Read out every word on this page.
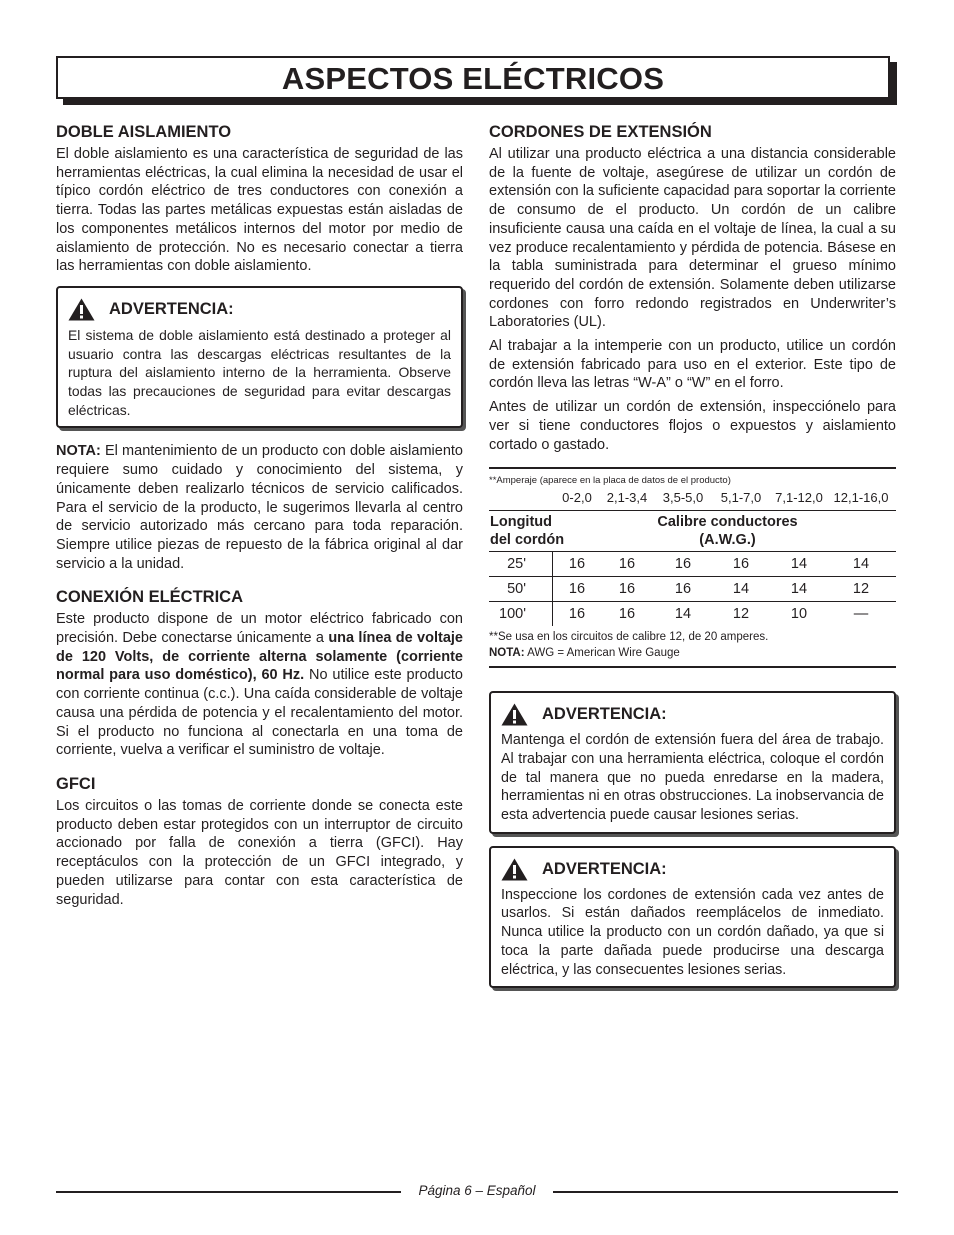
ASPECTOS ELÉCTRICOS
DOBLE AISLAMIENTO

El doble aislamiento es una característica de seguridad de las herramientas eléctricas, la cual elimina la necesidad de usar el típico cordón eléctrico de tres conductores con conexión a tierra. Todas las partes metálicas expuestas están aisladas de los componentes metálicos internos del motor por medio de aislamiento de protección. No es necesario conectar a tierra las herramientas con doble aislamiento.

ADVERTENCIA:

El sistema de doble aislamiento está destinado a proteger al usuario contra las descargas eléctricas resultantes de la ruptura del aislamiento interno de la herramienta. Observe todas las precauciones de seguridad para evitar descargas eléctricas.

NOTA: El mantenimiento de un producto con doble aislamiento requiere sumo cuidado y conocimiento del sistema, y únicamente deben realizarlo técnicos de servicio calificados. Para el servicio de la producto, le sugerimos llevarla al centro de servicio autorizado más cercano para toda reparación. Siempre utilice piezas de repuesto de la fábrica original al dar servicio a la unidad.

CONEXIÓN ELÉCTRICA

Este producto dispone de un motor eléctrico fabricado con precisión. Debe conectarse únicamente a una línea de voltaje de 120 Volts, de corriente alterna solamente (corriente normal para uso doméstico), 60 Hz. No utilice este producto con corriente continua (c.c.). Una caída considerable de voltaje causa una pérdida de potencia y el recalentamiento del motor. Si el producto no funciona al conectarla en una toma de corriente, vuelva a verificar el suministro de voltaje.

GFCI

Los circuitos o las tomas de corriente donde se conecta este producto deben estar protegidos con un interruptor de circuito accionado por falla de conexión a tierra (GFCI). Hay receptáculos con la protección de un GFCI integrado, y pueden utilizarse para contar con esta característica de seguridad.

CORDONES DE EXTENSIÓN

Al utilizar una producto eléctrica a una distancia considerable de la fuente de voltaje, asegúrese de utilizar un cordón de extensión con la suficiente capacidad para soportar la corriente de consumo de el producto. Un cordón de un calibre insuficiente causa una caída en el voltaje de línea, la cual a su vez produce recalentamiento y pérdida de potencia. Básese en la tabla suministrada para determinar el grueso mínimo requerido del cordón de extensión. Solamente deben utilizarse cordones con forro redondo registrados en Underwriter’s Laboratories (UL).

Al trabajar a la intemperie con un producto, utilice un cordón de extensión fabricado para uso en el exterior. Este tipo de cordón lleva las letras “W-A” o “W” en el forro.

Antes de utilizar un cordón de extensión, inspecciónelo para ver si tiene conductores flojos o expuestos y aislamiento cortado o gastado.

**Amperaje (aparece en la placa de datos de el producto)
0-2,0	2,1-3,4	3,5-5,0	5,1-7,0	7,1-12,0 12,1-16,0
Longitud
del cordón
Calibre conductores
(A.W.G.)
25'	16	16	16	16	14	14
50'	16	16	16	14	14	12
100'	16	16	14	12	10	—
**Se usa en los circuitos de calibre 12, de 20 amperes.
NOTA: AWG = American Wire Gauge
ADVERTENCIA:

Mantenga el cordón de extensión fuera del área de trabajo. Al trabajar con una herramienta eléctrica, coloque el cordón de tal manera que no pueda enredarse en la madera, herramientas ni en otras obstrucciones. La inobservancia de esta advertencia puede causar lesiones serias.

ADVERTENCIA:

Inspeccione los cordones de extensión cada vez antes de usarlos. Si están dañados reemplácelos de inmediato. Nunca utilice la producto con un cordón dañado, ya que si toca la parte dañada puede producirse una descarga eléctrica, y las consecuentes lesiones serias.

Página 6 – Español
